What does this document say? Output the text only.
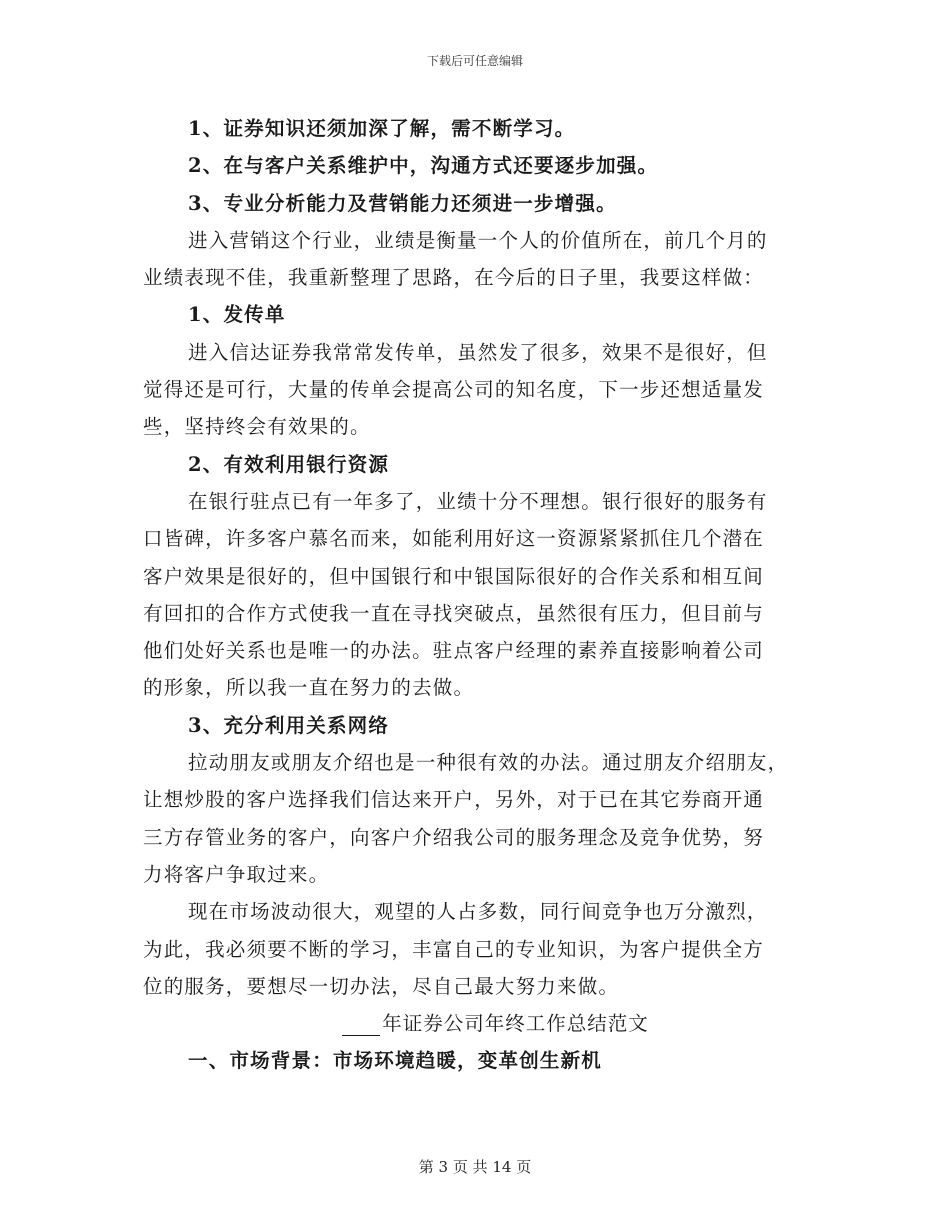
下载后可任意编辑
1、证券知识还须加深了解，需不断学习。
2、在与客户关系维护中，沟通方式还要逐步加强。
3、专业分析能力及营销能力还须进一步增强。
进入营销这个行业，业绩是衡量一个人的价值所在，前几个月的
业绩表现不佳，我重新整理了思路，在今后的日子里，我要这样做：
1、发传单
进入信达证券我常常发传单，虽然发了很多，效果不是很好，但
觉得还是可行，大量的传单会提高公司的知名度，下一步还想适量发
些，坚持终会有效果的。
2、有效利用银行资源
在银行驻点已有一年多了，业绩十分不理想。银行很好的服务有
口皆碑，许多客户慕名而来，如能利用好这一资源紧紧抓住几个潜在
客户效果是很好的，但中国银行和中银国际很好的合作关系和相互间
有回扣的合作方式使我一直在寻找突破点，虽然很有压力，但目前与
他们处好关系也是唯一的办法。驻点客户经理的素养直接影响着公司
的形象，所以我一直在努力的去做。
3、充分利用关系网络
拉动朋友或朋友介绍也是一种很有效的办法。通过朋友介绍朋友，
让想炒股的客户选择我们信达来开户，另外，对于已在其它券商开通
三方存管业务的客户，向客户介绍我公司的服务理念及竞争优势，努
力将客户争取过来。
现在市场波动很大，观望的人占多数，同行间竞争也万分激烈，
为此，我必须要不断的学习，丰富自己的专业知识，为客户提供全方
位的服务，要想尽一切办法，尽自己最大努力来做。
年证券公司年终工作总结范文
一、市场背景：市场环境趋暖，变革创生新机
第 3 页 共 14 页
